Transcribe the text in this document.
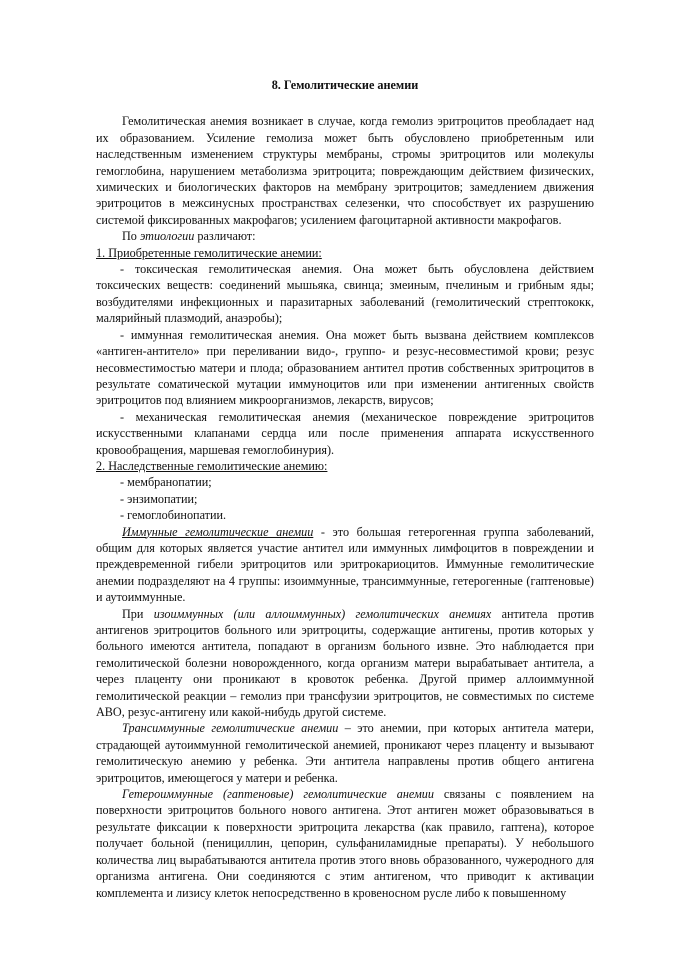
8. Гемолитические анемии

Гемолитическая анемия возникает в случае, когда гемолиз эритроцитов преобладает над их образованием. Усиление гемолиза может быть обусловлено приобретенным или наследственным изменением структуры мембраны, стромы эритроцитов или молекулы гемоглобина, нарушением метаболизма эритроцита; повреждающим действием физических, химических и биологических факторов на мембрану эритроцитов; замедлением движения эритроцитов в межсинусных пространствах селезенки, что способствует их разрушению системой фиксированных макрофагов; усилением фагоцитарной активности макрофагов.

По этиологии различают:

1. Приобретенные гемолитические анемии:

- токсическая гемолитическая анемия. Она может быть обусловлена действием токсических веществ: соединений мышьяка, свинца; змеиным, пчелиным и грибным яды; возбудителями инфекционных и паразитарных заболеваний (гемолитический стрептококк, малярийный плазмодий, анаэробы);

- иммунная гемолитическая анемия. Она может быть вызвана действием комплексов «антиген-антитело» при переливании видо-, группо- и резус-несовместимой крови; резус несовместимостью матери и плода; образованием антител против собственных эритроцитов в результате соматической мутации иммуноцитов или при изменении антигенных свойств эритроцитов под влиянием микроорганизмов, лекарств, вирусов;

- механическая гемолитическая анемия (механическое повреждение эритроцитов искусственными клапанами сердца или после применения аппарата искусственного кровообращения, маршевая гемоглобинурия).

2. Наследственные гемолитические анемию:

- мембранопатии;

- энзимопатии;

- гемоглобинопатии.

Иммунные гемолитические анемии - это большая гетерогенная группа заболеваний, общим для которых является участие антител или иммунных лимфоцитов в повреждении и преждевременной гибели эритроцитов или эритрокариоцитов. Иммунные гемолитические анемии подразделяют на 4 группы: изоиммунные, трансиммунные, гетерогенные (гаптеновые) и аутоиммунные.

При изоиммунных (или аллоиммунных) гемолитических анемиях антитела против антигенов эритроцитов больного или эритроциты, содержащие антигены, против которых у больного имеются антитела, попадают в организм больного извне. Это наблюдается при гемолитической болезни новорожденного, когда организм матери вырабатывает антитела, а через плаценту они проникают в кровоток ребенка. Другой пример аллоиммунной гемолитической реакции – гемолиз при трансфузии эритроцитов, не совместимых по системе АВО, резус-антигену или какой-нибудь другой системе.

Трансиммунные гемолитические анемии – это анемии, при которых антитела матери, страдающей аутоиммунной гемолитической анемией, проникают через плаценту и вызывают гемолитическую анемию у ребенка. Эти антитела направлены против общего антигена эритроцитов, имеющегося у матери и ребенка.

Гетероиммунные (гаптеновые) гемолитические анемии связаны с появлением на поверхности эритроцитов больного нового антигена. Этот антиген может образовываться в результате фиксации к поверхности эритроцита лекарства (как правило, гаптена), которое получает больной (пенициллин, цепорин, сульфаниламидные препараты). У небольшого количества лиц вырабатываются антитела против этого вновь образованного, чужеродного для организма антигена. Они соединяются с этим антигеном, что приводит к активации комплемента и лизису клеток непосредственно в кровеносном русле либо к повышенному
